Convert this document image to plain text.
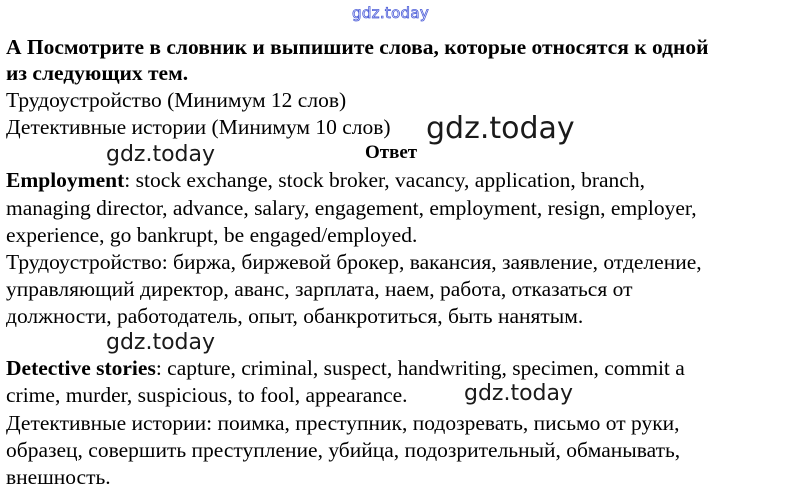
gdz.today
А Посмотрите в словник и выпишите слова, которые относятся к одной
из следующих тем.
Трудоустройство (Минимум 12 слов)
Детективные истории (Минимум 10 слов) gdz.today
gdz.today	Ответ
Employment: stock exchange, stock broker, vacancy, application, branch,
managing director, advance, salary, engagement, employment, resign, employer,
experience, go bankrupt, be engaged/employed.
Трудоустройство: биржа, биржевой брокер, вакансия, заявление, отделение,
управляющий директор, аванс, зарплата, наем, работа, отказаться от
должности, работодатель, опыт, обанкротиться, быть нанятым.
gdz.today
Detective stories: capture, criminal, suspect, handwriting, specimen, commit a
crime, murder, suspicious, to fool, appearance.	gdz.today
Детективные истории: поимка, преступник, подозревать, письмо от руки,
образец, совершить преступление, убийца, подозрительный, обманывать,
внешность.
